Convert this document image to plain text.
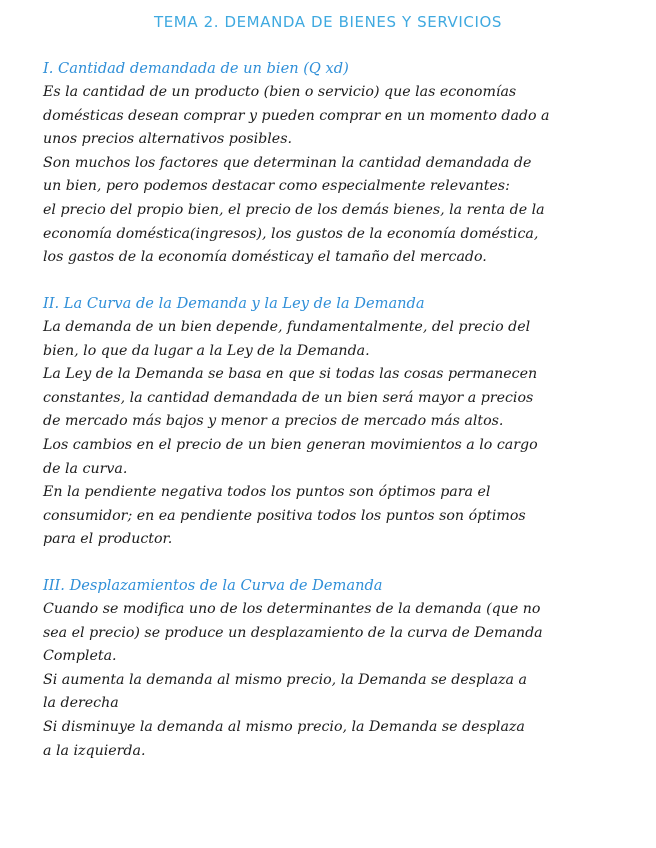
TEMA 2. DEMANDA DE BIENES Y SERVICIOS
I. Cantidad demandada de un bien (Q xd)
Es la cantidad de un producto (bien o servicio) que las economías
domésticas desean comprar y pueden comprar en un momento dado a
unos precios alternativos posibles.
Son muchos los factores que determinan la cantidad demandada de
un bien, pero podemos destacar como especialmente relevantes:
el precio del propio bien, el precio de los demás bienes, la renta de la
economía doméstica(ingresos), los gustos de la economía doméstica,
los gastos de la economía domésticay el tamaño del mercado.
II. La Curva de la Demanda y la Ley de la Demanda
La demanda de un bien depende, fundamentalmente, del precio del
bien, lo que da lugar a la Ley de la Demanda.
La Ley de la Demanda se basa en que si todas las cosas permanecen
constantes, la cantidad demandada de un bien será mayor a precios
de mercado más bajos y menor a precios de mercado más altos.
Los cambios en el precio de un bien generan movimientos a lo cargo
de la curva.
En la pendiente negativa todos los puntos son óptimos para el
consumidor; en ea pendiente positiva todos los puntos son óptimos
para el productor.
III. Desplazamientos de la Curva de Demanda
Cuando se modifica uno de los determinantes de la demanda (que no
sea el precio) se produce un desplazamiento de la curva de Demanda
Completa.
Si aumenta la demanda al mismo precio, la Demanda se desplaza a
la derecha
Si disminuye la demanda al mismo precio, la Demanda se desplaza
a la izquierda.
